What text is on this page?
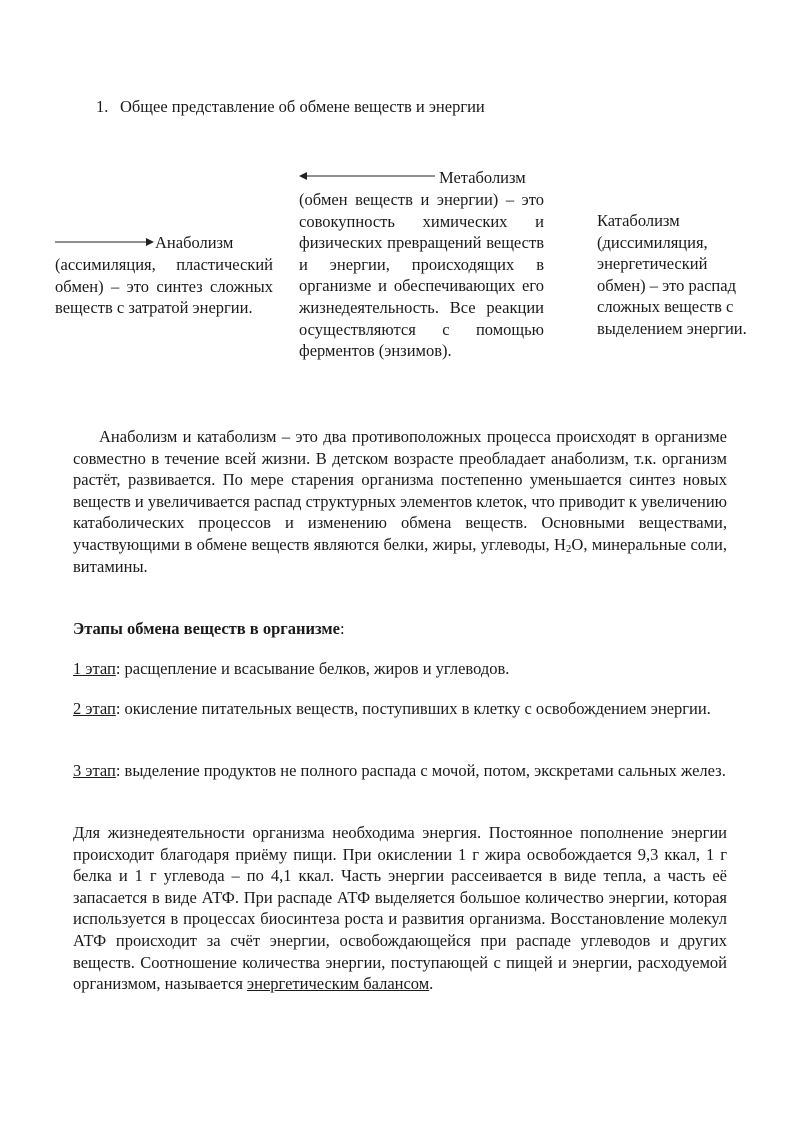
1. Общее представление об обмене веществ и энергии
Метаболизм (обмен веществ и энергии) – это совокупность химических и физических превращений веществ и энергии, происходящих в организме и обеспечивающих его жизнедеятельность. Все реакции осуществляются с помощью ферментов (энзимов).
Анаболизм (ассимиляция, пластический обмен) – это синтез сложных веществ с затратой энергии.
Катаболизм (диссимиляция, энергетический обмен) – это распад сложных веществ с выделением энергии.
Анаболизм и катаболизм – это два противоположных процесса происходят в организме совместно в течение всей жизни. В детском возрасте преобладает анаболизм, т.к. организм растёт, развивается. По мере старения организма постепенно уменьшается синтез новых веществ и увеличивается распад структурных элементов клеток, что приводит к увеличению катаболических процессов и изменению обмена веществ. Основными веществами, участвующими в обмене веществ являются белки, жиры, углеводы, $H_2O$, минеральные соли, витамины.
Этапы обмена веществ в организме:
1 этап: расщепление и всасывание белков, жиров и углеводов.
2 этап: окисление питательных веществ, поступивших в клетку с освобождением энергии.
3 этап: выделение продуктов не полного распада с мочой, потом, экскретами сальных желез.
Для жизнедеятельности организма необходима энергия. Постоянное пополнение энергии происходит благодаря приёму пищи. При окислении 1 г жира освобождается 9,3 ккал, 1 г белка и 1 г углевода – по 4,1 ккал. Часть энергии рассеивается в виде тепла, а часть её запасается в виде АТФ. При распаде АТФ выделяется большое количество энергии, которая используется в процессах биосинтеза роста и развития организма. Восстановление молекул АТФ происходит за счёт энергии, освобождающейся при распаде углеводов и других веществ. Соотношение количества энергии, поступающей с пищей и энергии, расходуемой организмом, называется энергетическим балансом.
